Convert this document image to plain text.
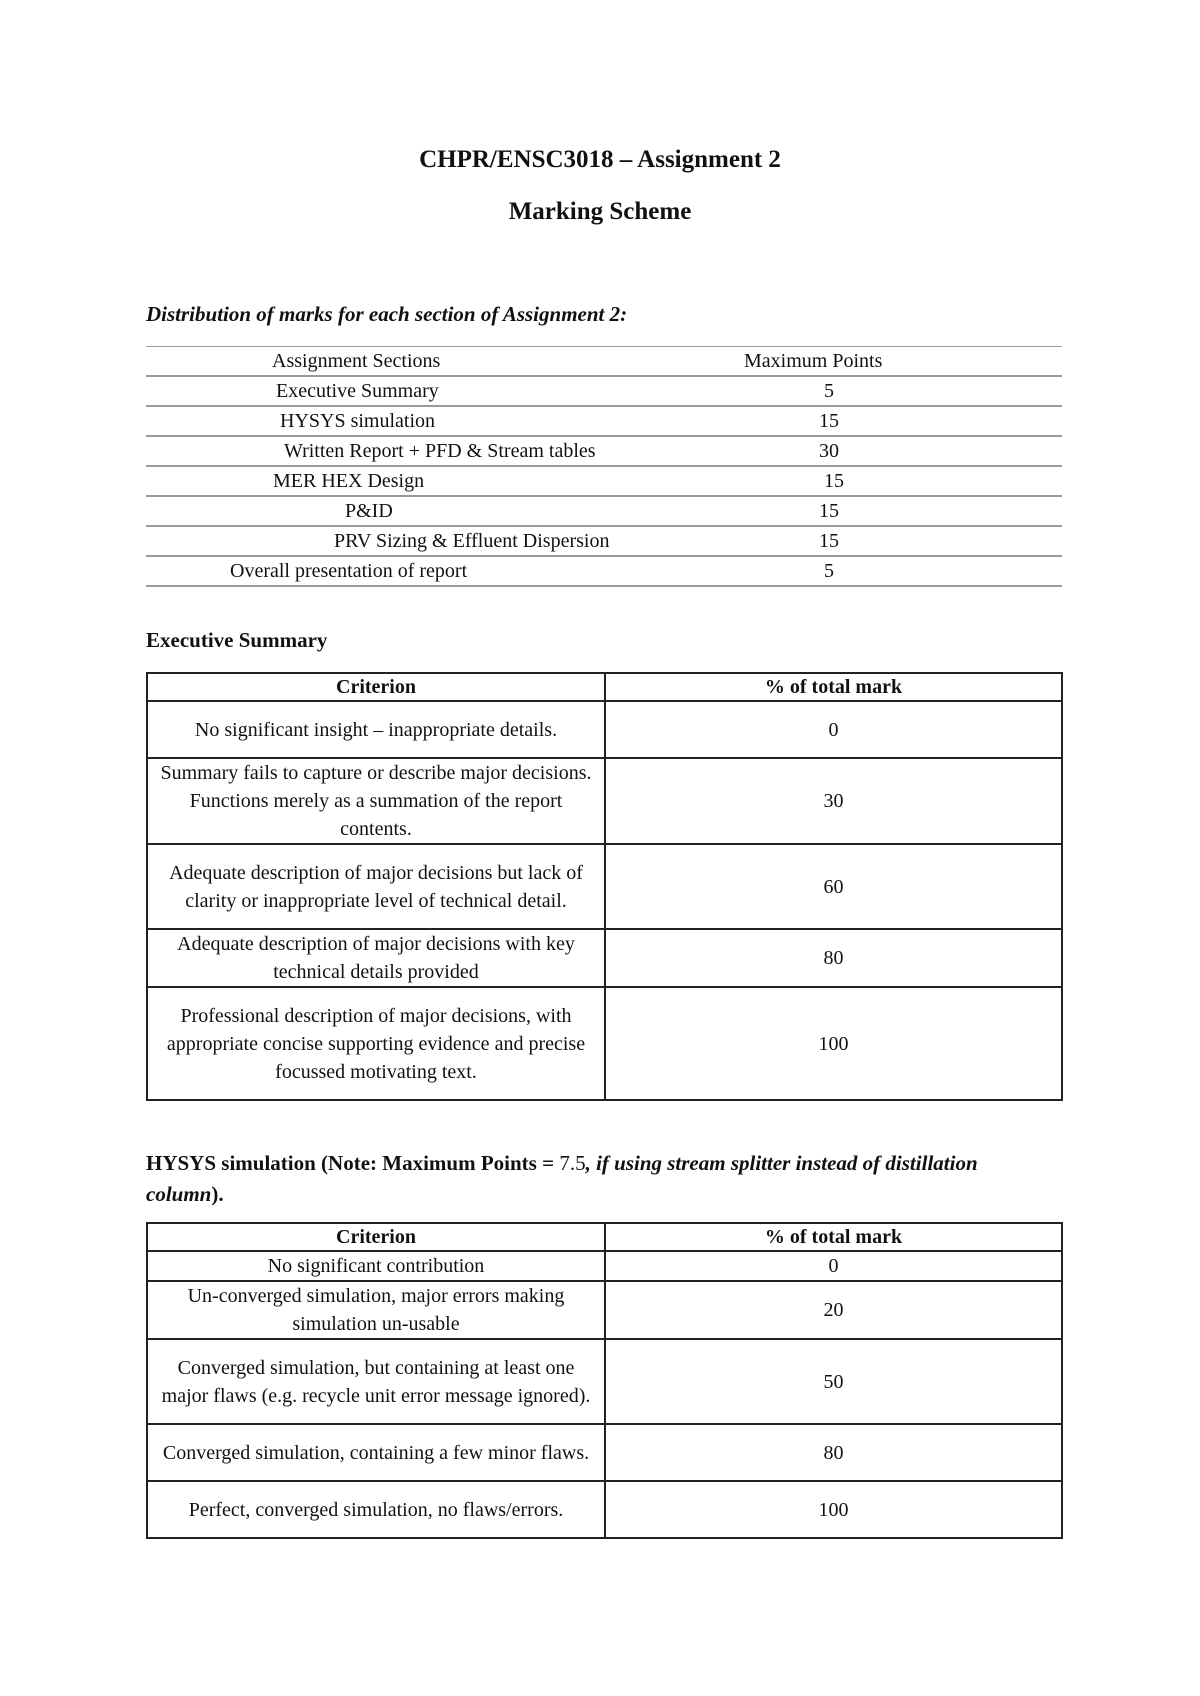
CHPR/ENSC3018 – Assignment 2
Marking Scheme
Distribution of marks for each section of Assignment 2:
Assignment Sections	Maximum Points

Executive Summary	5

HYSYS simulation	15

Written Report + PFD & Stream tables	30

MER HEX Design	15

P&ID	15

PRV Sizing & Effluent Dispersion	15

Overall presentation of report	5
Executive Summary
Criterion	% of total mark
No significant insight – inappropriate details.	0
Summary fails to capture or describe major decisions. Functions merely as a summation of the report contents.	30
Adequate description of major decisions but lack of clarity or inappropriate level of technical detail.	60
Adequate description of major decisions with key technical details provided	80
Professional description of major decisions, with appropriate concise supporting evidence and precise focussed motivating text.	100
HYSYS simulation (Note: Maximum Points = 7.5, if using stream splitter instead of distillation column).
Criterion	% of total mark
No significant contribution	0
Un-converged simulation, major errors making simulation un-usable	20
Converged simulation, but containing at least one major flaws (e.g. recycle unit error message ignored).	50
Converged simulation, containing a few minor flaws.	80
Perfect, converged simulation, no flaws/errors.	100
